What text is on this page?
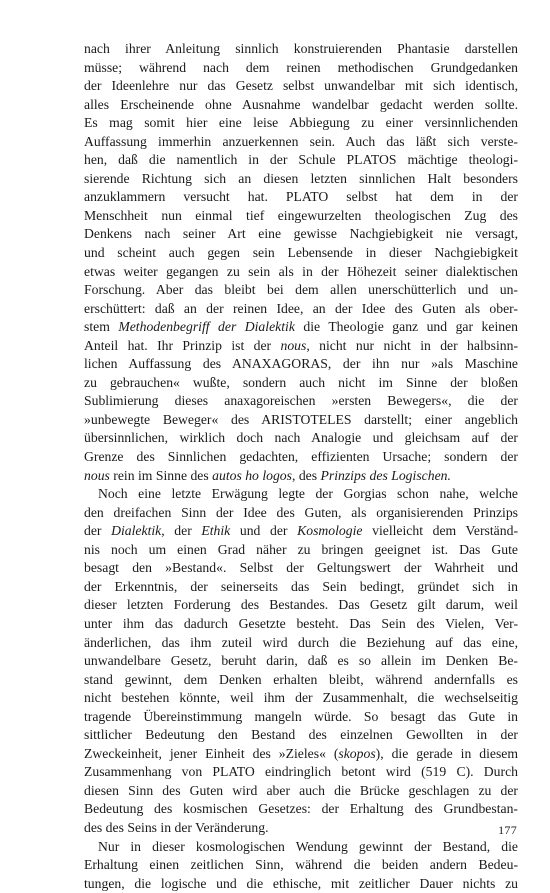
nach ihrer Anleitung sinnlich konstruierenden Phantasie darstellen
müsse; während nach dem reinen methodischen Grundgedanken
der Ideenlehre nur das Gesetz selbst unwandelbar mit sich identisch,
alles Erscheinende ohne Ausnahme wandelbar gedacht werden sollte.
Es mag somit hier eine leise Abbiegung zu einer versinnlichenden
Auffassung immerhin anzuerkennen sein. Auch das läßt sich verste-
hen, daß die namentlich in der Schule PLATOS mächtige theologi-
sierende Richtung sich an diesen letzten sinnlichen Halt besonders
anzuklammern versucht hat. PLATO selbst hat dem in der
Menschheit nun einmal tief eingewurzelten theologischen Zug des
Denkens nach seiner Art eine gewisse Nachgiebigkeit nie versagt,
und scheint auch gegen sein Lebensende in dieser Nachgiebigkeit
etwas weiter gegangen zu sein als in der Höhezeit seiner dialektischen
Forschung. Aber das bleibt bei dem allen unerschütterlich und un-
erschüttert: daß an der reinen Idee, an der Idee des Guten als ober-
stem Methodenbegriff der Dialektik die Theologie ganz und gar keinen
Anteil hat. Ihr Prinzip ist der nous, nicht nur nicht in der halbsinn-
lichen Auffassung des ANAXAGORAS, der ihn nur »als Maschine
zu gebrauchen« wußte, sondern auch nicht im Sinne der bloßen
Sublimierung dieses anaxagoreischen »ersten Bewegers«, die der
»unbewegte Beweger« des ARISTOTELES darstellt; einer angeblich
übersinnlichen, wirklich doch nach Analogie und gleichsam auf der
Grenze des Sinnlichen gedachten, effizienten Ursache; sondern der
nous rein im Sinne des autos ho logos, des Prinzips des Logischen.
Noch eine letzte Erwägung legte der Gorgias schon nahe, welche
den dreifachen Sinn der Idee des Guten, als organisierenden Prinzips
der Dialektik, der Ethik und der Kosmologie vielleicht dem Verständ-
nis noch um einen Grad näher zu bringen geeignet ist. Das Gute
besagt den »Bestand«. Selbst der Geltungswert der Wahrheit und
der Erkenntnis, der seinerseits das Sein bedingt, gründet sich in
dieser letzten Forderung des Bestandes. Das Gesetz gilt darum, weil
unter ihm das dadurch Gesetzte besteht. Das Sein des Vielen, Ver-
änderlichen, das ihm zuteil wird durch die Beziehung auf das eine,
unwandelbare Gesetz, beruht darin, daß es so allein im Denken Be-
stand gewinnt, dem Denken erhalten bleibt, während andernfalls es
nicht bestehen könnte, weil ihm der Zusammenhalt, die wechselseitig
tragende Übereinstimmung mangeln würde. So besagt das Gute in
sittlicher Bedeutung den Bestand des einzelnen Gewollten in der
Zweckeinheit, jener Einheit des »Zieles« (skopos), die gerade in diesem
Zusammenhang von PLATO eindringlich betont wird (519 C). Durch
diesen Sinn des Guten wird aber auch die Brücke geschlagen zu der
Bedeutung des kosmischen Gesetzes: der Erhaltung des Grundbestan-
des des Seins in der Veränderung.
Nur in dieser kosmologischen Wendung gewinnt der Bestand, die
Erhaltung einen zeitlichen Sinn, während die beiden andern Bedeu-
tungen, die logische und die ethische, mit zeitlicher Dauer nichts zu
177
